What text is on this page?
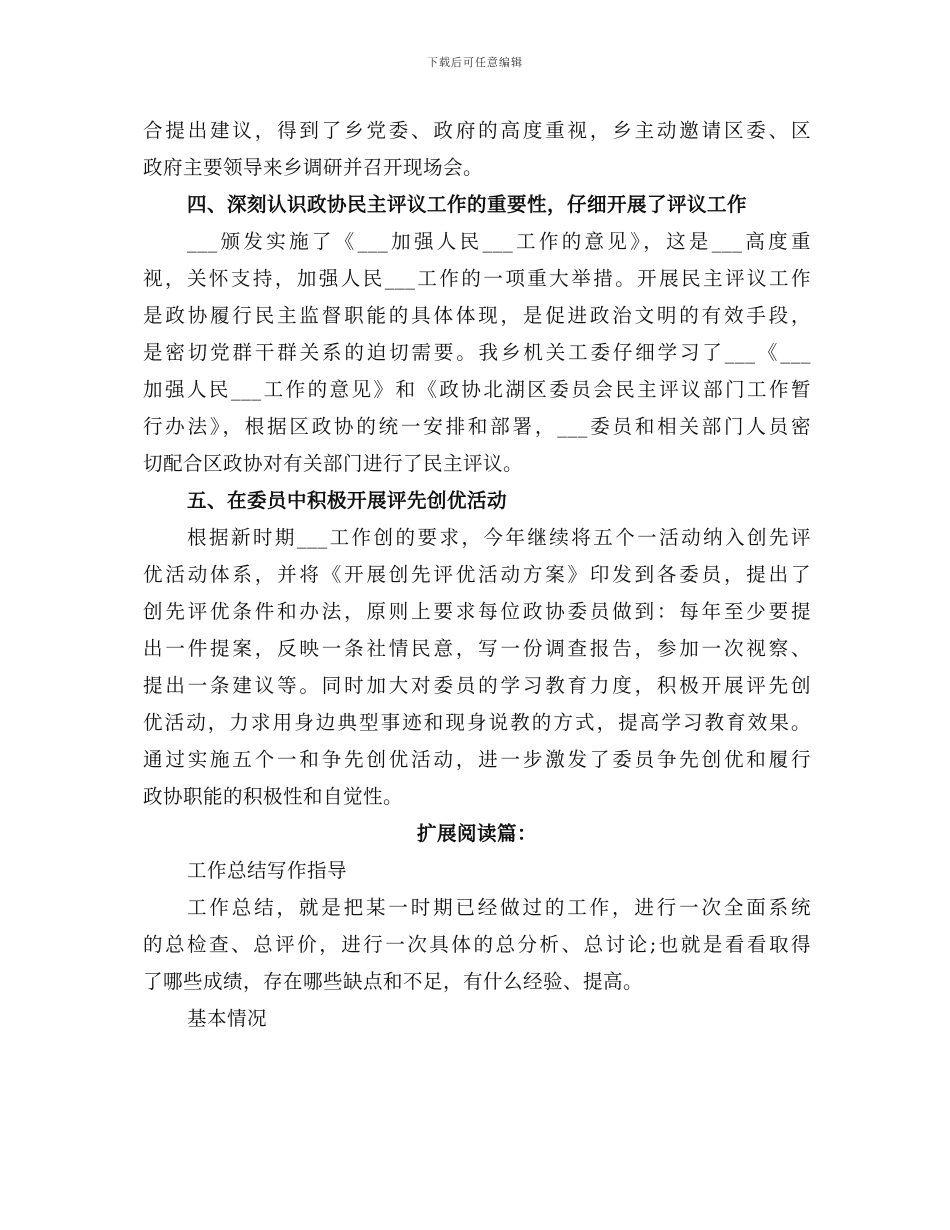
下载后可任意编辑
合提出建议，得到了乡党委、政府的高度重视，乡主动邀请区委、区
政府主要领导来乡调研并召开现场会。
四、深刻认识政协民主评议工作的重要性，仔细开展了评议工作
___颁发实施了《___加强人民___工作的意见》，这是___高度重
视，关怀支持，加强人民___工作的一项重大举措。开展民主评议工作
是政协履行民主监督职能的具体体现，是促进政治文明的有效手段，
是密切党群干群关系的迫切需要。我乡机关工委仔细学习了___《___
加强人民___工作的意见》和《政协北湖区委员会民主评议部门工作暂
行办法》，根据区政协的统一安排和部署，___委员和相关部门人员密
切配合区政协对有关部门进行了民主评议。
五、在委员中积极开展评先创优活动
根据新时期___工作创的要求，今年继续将五个一活动纳入创先评
优活动体系，并将《开展创先评优活动方案》印发到各委员，提出了
创先评优条件和办法，原则上要求每位政协委员做到：每年至少要提
出一件提案，反映一条社情民意，写一份调查报告，参加一次视察、
提出一条建议等。同时加大对委员的学习教育力度，积极开展评先创
优活动，力求用身边典型事迹和现身说教的方式，提高学习教育效果。
通过实施五个一和争先创优活动，进一步激发了委员争先创优和履行
政协职能的积极性和自觉性。
扩展阅读篇：
工作总结写作指导
工作总结，就是把某一时期已经做过的工作，进行一次全面系统
的总检查、总评价，进行一次具体的总分析、总讨论;也就是看看取得
了哪些成绩，存在哪些缺点和不足，有什么经验、提高。
基本情况
